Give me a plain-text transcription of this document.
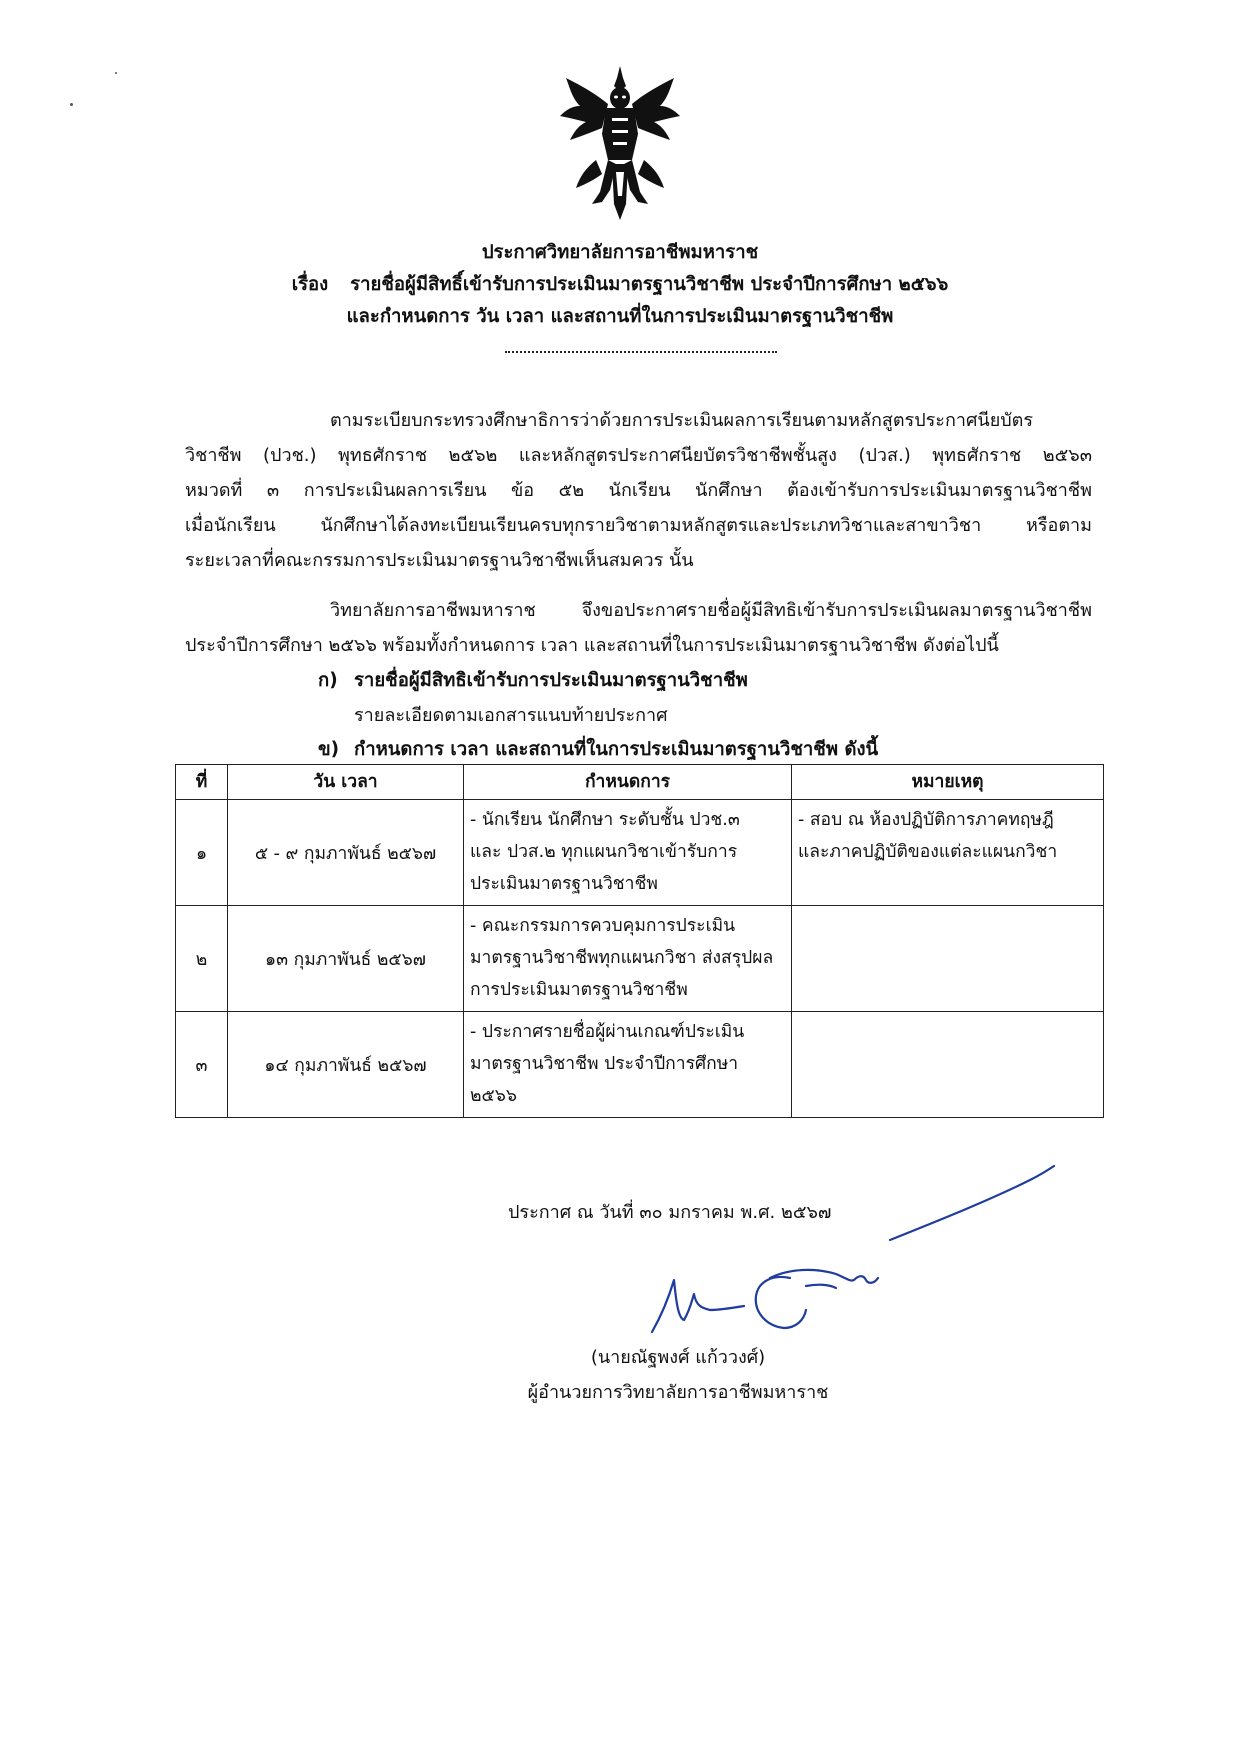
ประกาศวิทยาลัยการอาชีพมหาราช
เรื่อง รายชื่อผู้มีสิทธิ์เข้ารับการประเมินมาตรฐานวิชาชีพ ประจำปีการศึกษา ๒๕๖๖
และกำหนดการ วัน เวลา และสถานที่ในการประเมินมาตรฐานวิชาชีพ
ตามระเบียบกระทรวงศึกษาธิการว่าด้วยการประเมินผลการเรียนตามหลักสูตรประกาศนียบัตร
วิชาชีพ (ปวช.) พุทธศักราช ๒๕๖๒ และหลักสูตรประกาศนียบัตรวิชาชีพชั้นสูง (ปวส.) พุทธศักราช ๒๕๖๓
หมวดที่ ๓ การประเมินผลการเรียน ข้อ ๕๒ นักเรียน นักศึกษา ต้องเข้ารับการประเมินมาตรฐานวิชาชีพ
เมื่อนักเรียน นักศึกษาได้ลงทะเบียนเรียนครบทุกรายวิชาตามหลักสูตรและประเภทวิชาและสาขาวิชา หรือตาม
ระยะเวลาที่คณะกรรมการประเมินมาตรฐานวิชาชีพเห็นสมควร นั้น
วิทยาลัยการอาชีพมหาราช จึงขอประกาศรายชื่อผู้มีสิทธิเข้ารับการประเมินผลมาตรฐานวิชาชีพ
ประจำปีการศึกษา ๒๕๖๖ พร้อมทั้งกำหนดการ เวลา และสถานที่ในการประเมินมาตรฐานวิชาชีพ ดังต่อไปนี้
ก) รายชื่อผู้มีสิทธิเข้ารับการประเมินมาตรฐานวิชาชีพ
รายละเอียดตามเอกสารแนบท้ายประกาศ
ข) กำหนดการ เวลา และสถานที่ในการประเมินมาตรฐานวิชาชีพ ดังนี้
ที่	วัน เวลา	กำหนดการ	หมายเหตุ
๑	๕ - ๙ กุมภาพันธ์ ๒๕๖๗	- นักเรียน นักศึกษา ระดับชั้น ปวช.๓
และ ปวส.๒ ทุกแผนกวิชาเข้ารับการ
ประเมินมาตรฐานวิชาชีพ	- สอบ ณ ห้องปฏิบัติการภาคทฤษฎี
และภาคปฏิบัติของแต่ละแผนกวิชา

๒	๑๓ กุมภาพันธ์ ๒๕๖๗	- คณะกรรมการควบคุมการประเมิน
มาตรฐานวิชาชีพทุกแผนกวิชา ส่งสรุปผล
การประเมินมาตรฐานวิชาชีพ	

๓	๑๔ กุมภาพันธ์ ๒๕๖๗	- ประกาศรายชื่อผู้ผ่านเกณฑ์ประเมิน
มาตรฐานวิชาชีพ ประจำปีการศึกษา
๒๕๖๖	

ประกาศ ณ วันที่ ๓๐ มกราคม พ.ศ. ๒๕๖๗
(นายณัฐพงศ์ แก้ววงศ์)
ผู้อำนวยการวิทยาลัยการอาชีพมหาราช
